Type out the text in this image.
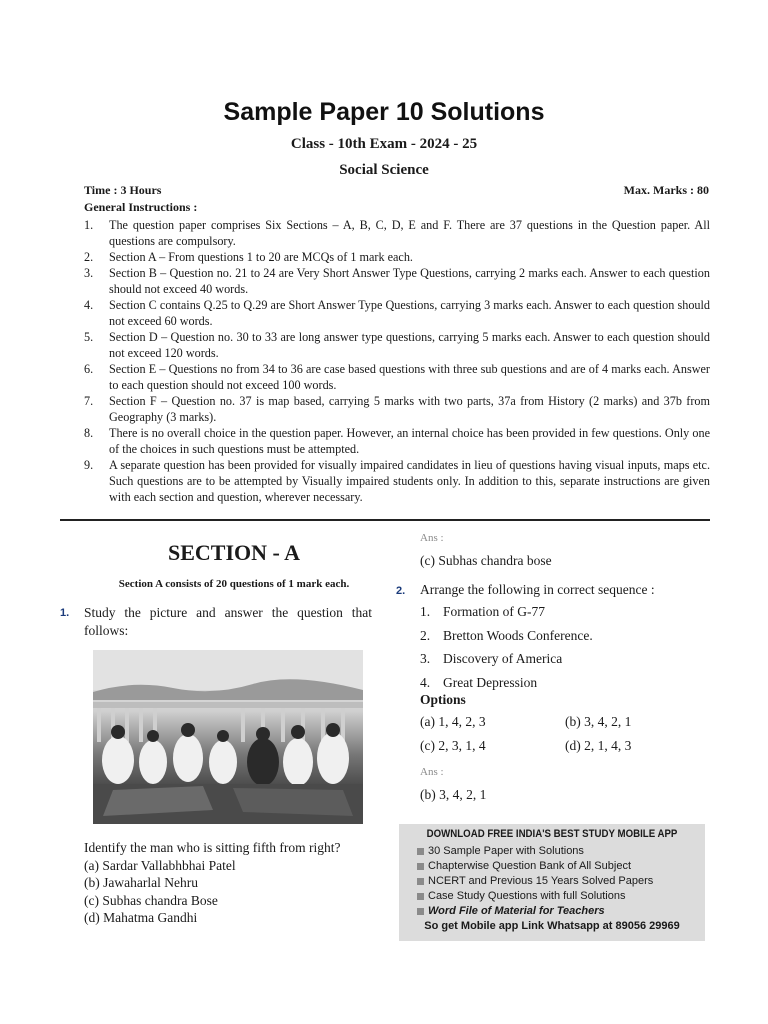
Sample Paper 10 Solutions
Class - 10th Exam - 2024 - 25
Social Science
Time : 3 Hours	Max. Marks : 80
General Instructions :
1. The question paper comprises Six Sections – A, B, C, D, E and F. There are 37 questions in the Question paper. All questions are compulsory.
2. Section A – From questions 1 to 20 are MCQs of 1 mark each.
3. Section B – Question no. 21 to 24 are Very Short Answer Type Questions, carrying 2 marks each. Answer to each question should not exceed 40 words.
4. Section C contains Q.25 to Q.29 are Short Answer Type Questions, carrying 3 marks each. Answer to each question should not exceed 60 words.
5. Section D – Question no. 30 to 33 are long answer type questions, carrying 5 marks each. Answer to each question should not exceed 120 words.
6. Section E – Questions no from 34 to 36 are case based questions with three sub questions and are of 4 marks each. Answer to each question should not exceed 100 words.
7. Section F – Question no. 37 is map based, carrying 5 marks with two parts, 37a from History (2 marks) and 37b from Geography (3 marks).
8. There is no overall choice in the question paper. However, an internal choice has been provided in few questions. Only one of the choices in such questions must be attempted.
9. A separate question has been provided for visually impaired candidates in lieu of questions having visual inputs, maps etc. Such questions are to be attempted by Visually impaired students only. In addition to this, separate instructions are given with each section and question, wherever necessary.
SECTION - A
Section A consists of 20 questions of 1 mark each.
1. Study the picture and answer the question that follows:
Identify the man who is sitting fifth from right?
(a) Sardar Vallabhbhai Patel
(b) Jawaharlal Nehru
(c) Subhas chandra Bose
(d) Mahatma Gandhi
Ans :
(c) Subhas chandra bose
2. Arrange the following in correct sequence :
1. Formation of G-77
2. Bretton Woods Conference.
3. Discovery of America
4. Great Depression
Options
(a) 1, 4, 2, 3	(b) 3, 4, 2, 1
(c) 2, 3, 1, 4	(d) 2, 1, 4, 3
Ans :
(b) 3, 4, 2, 1
DOWNLOAD FREE INDIA'S BEST STUDY MOBILE APP
30 Sample Paper with Solutions
Chapterwise Question Bank of All Subject
NCERT and Previous 15 Years Solved Papers
Case Study Questions with full Solutions
Word File of Material for Teachers
So get Mobile app Link Whatsapp at 89056 29969
